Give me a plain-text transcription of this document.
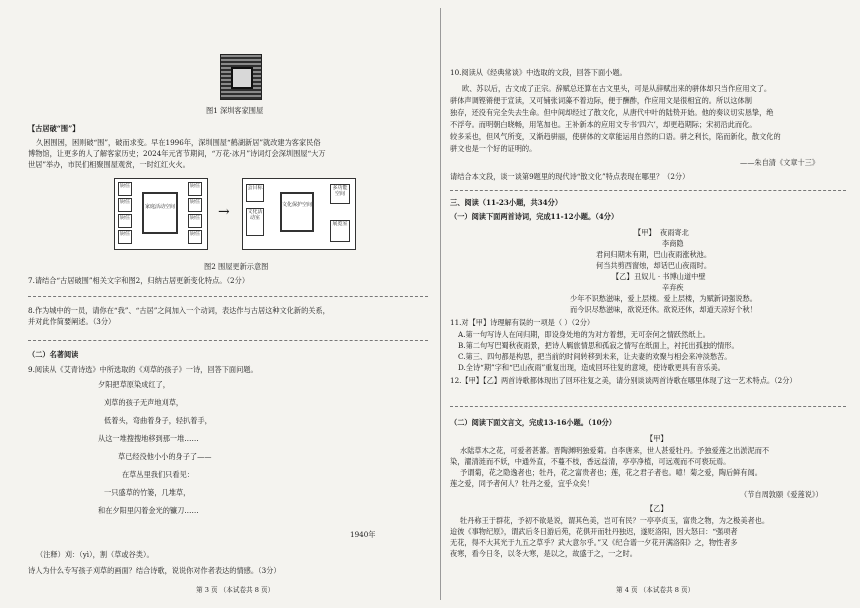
图1 深圳客家围屋
【古居破“围”】
久困围困，困则破“围”，破而求变。早在1996年，深圳围屋“鹤湖新居”就改建为客家民俗
博物馆，让更多的人了解客家历史；2024年元宵节期间，“万花·冰月”诗词灯会深圳围屋“大万
世居”举办，市民们相聚围屋观赏，一时红红火火。
厨住
厨住
厨住
厨住
厨住
厨住
厨住
厨住
家庭活动空间	→
会目标
文化活动室
文化保护空间
展览室
多功能空间
图2 围屋更新示意图
7.请结合“古居破围”相关文字和图2，归纳古居更新变化特点。（2分）
8.作为城中的一员，请你在“我”、“古居”之间加入一个动词，表达作与古居这种文化新的关系，
并对此作简要阐述。（3分）
（二）名著阅读
9.阅读从《艾青诗选》中所选取的《刈草的孩子》一诗，回答下面问题。
夕阳把草原染成红了，
刈草的孩子无声地刈草，
低着头，弯曲着身子，轻扒着手，
从这一堆搜搜地移到那一堆……
草已经没他小小的身子了——
在草丛里我们只看见：
一只盛草的竹篓，几堆草，
和在夕阳里闪着金光的镰刀……
1940年
（注释）刈：（yì），割（草或谷类）。
诗人为什么专写孩子刈草的画面？结合诗歌，说说你对作者表达的情感。（3分）
第 3 页 （本试卷共 8 页）
10.阅读从《经典常谈》中选取的文段，回答下面小题。
欧、苏以后，古文成了正宗。辞赋总还算在古文里头，可是从辞赋出来的骈体却只当作应用文了。
骈体声调铿锵便于宣读，又可铺张词藻不着边际，便于酬酢，作应用文是很相宜的。所以这体制
独存，还没有完全失去生命。但中间却经过了散文化，从唐代中叶的陆贽开始。他的奏议切实恳挚，绝
不浮夸。而明朝白晓畅，用笔加也。王补新本的应用文专书‘四六’，却更趋期际；宋初沿此而化。
较多采也，但风气所变，又渐趋骈丽，使骈体的文章能运用自然的口语。骈之利长，陷而新化，散文化的
骈文也是一个好的证明的。
——朱自清《文章十三》
请结合本文段，谈一谈第9题里的现代诗“散文化”特点表现在哪里？（2分）
三、阅读（11-23小题，共34分）
（一）阅读下面两首诗词，完成11-12小题。（4分）
【甲】 夜雨寄北
李商隐
君问归期未有期，巴山夜雨涨秋池。
何当共剪西窗烛，却话巴山夜雨时。
【乙】 丑奴儿 · 书博山道中壁
辛弃疾
少年不识愁滋味，爱上层楼。爱上层楼，为赋新词强说愁。
而今识尽愁滋味，欲说还休。欲说还休，却道天凉好个秋！
11.对【甲】诗理解有误的一项是（ ）（2分）
A.第一句写诗人在问归期，即设身处地的为对方着想，无可奈何之情跃然纸上。
B.第二句写巴蜀秋夜雨景，把诗人羁旅情思和孤寂之情写在纸面上，衬托出孤独的情形。
C.第三、四句都是构思，把当前的时间转移到未来，让夫妻的欢聚与相会来冲淡愁苦。
D.全诗“期”字和“巴山夜雨”重复出现，造成回环往复的意境，使诗歌更具有音乐美。
12.【甲】【乙】两首诗歌都体现出了回环往复之美，请分别谈谈两首诗歌在哪里体现了这一艺术特点。（2分）
（二）阅读下面文言文，完成13-16小题。（10分）
【甲】
水陆草木之花，可爱者甚蕃。晋陶渊明独爱菊。自李唐来，世人甚爱牡丹。予独爱莲之出淤泥而不
染，濯清涟而不妖，中通外直，不蔓不枝，香远益清，亭亭净植，可远观而不可亵玩焉。
予谓菊，花之隐逸者也；牡丹，花之富贵者也；莲，花之君子者也。噫！菊之爱，陶后鲜有闻。
莲之爱，同予者何人？牡丹之爱，宜乎众矣！
（节自周敦颐《爱莲说》）
【乙】
牡丹称王于群花，予初不欲是说，谓其色美，岂可有民？一亭亭贞玉，富贵之物，为之极美者也。
迨彼《事物纪原》，谓武后冬日游后苑，花俱开而牡丹独迟，遂贬洛阳，因大怒曰：“强项者
无花，得不大其光于九五之草乎？武大意尔乎。”又《纪合谱一夕花开满洛阳》之，物性者多
夜寒，看今日冬，以冬大寒，是以之，故盛于之，一之时。
第 4 页 （本试卷共 8 页）
